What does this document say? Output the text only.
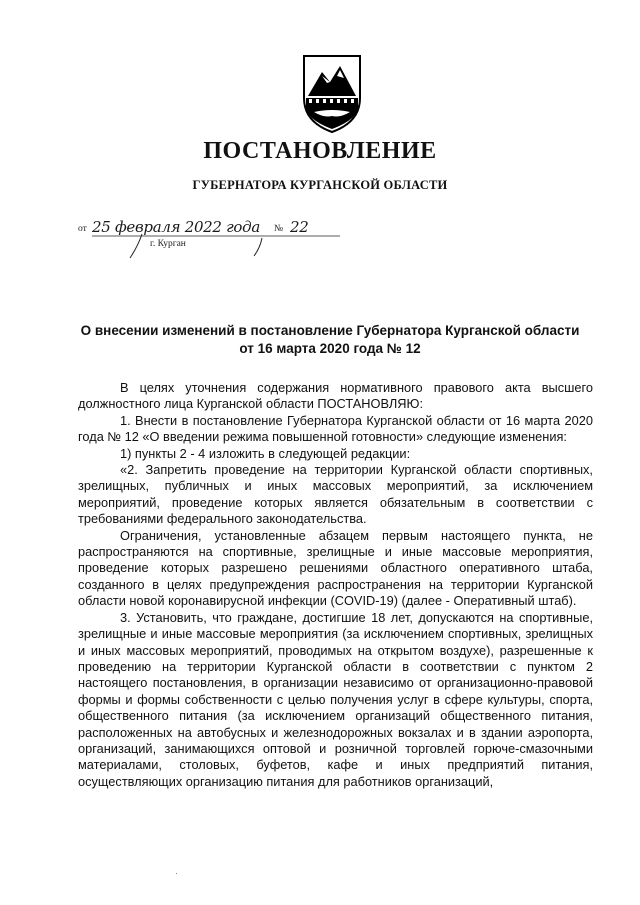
ПОСТАНОВЛЕНИЕ
ГУБЕРНАТОРА КУРГАНСКОЙ ОБЛАСТИ
от 25 февраля 2022 года № 22
г. Курган
О внесении изменений в постановление Губернатора Курганской области
от 16 марта 2020 года № 12

В целях уточнения содержания нормативного правового акта высшего должностного лица Курганской области ПОСТАНОВЛЯЮ:

1. Внести в постановление Губернатора Курганской области от 16 марта 2020 года № 12 «О введении режима повышенной готовности» следующие изменения:

1) пункты 2 - 4 изложить в следующей редакции:

«2. Запретить проведение на территории Курганской области спортивных, зрелищных, публичных и иных массовых мероприятий, за исключением мероприятий, проведение которых является обязательным в соответствии с требованиями федерального законодательства.

Ограничения, установленные абзацем первым настоящего пункта, не распространяются на спортивные, зрелищные и иные массовые мероприятия, проведение которых разрешено решениями областного оперативного штаба, созданного в целях предупреждения распространения на территории Курганской области новой коронавирусной инфекции (COVID-19) (далее - Оперативный штаб).

3. Установить, что граждане, достигшие 18 лет, допускаются на спортивные, зрелищные и иные массовые мероприятия (за исключением спортивных, зрелищных и иных массовых мероприятий, проводимых на открытом воздухе), разрешенные к проведению на территории Курганской области в соответствии с пунктом 2 настоящего постановления, в организации независимо от организационно-правовой формы и формы собственности с целью получения услуг в сфере культуры, спорта, общественного питания (за исключением организаций общественного питания, расположенных на автобусных и железнодорожных вокзалах и в здании аэропорта, организаций, занимающихся оптовой и розничной торговлей горюче-смазочными материалами, столовых, буфетов, кафе и иных предприятий питания, осуществляющих организацию питания для работников организаций,
